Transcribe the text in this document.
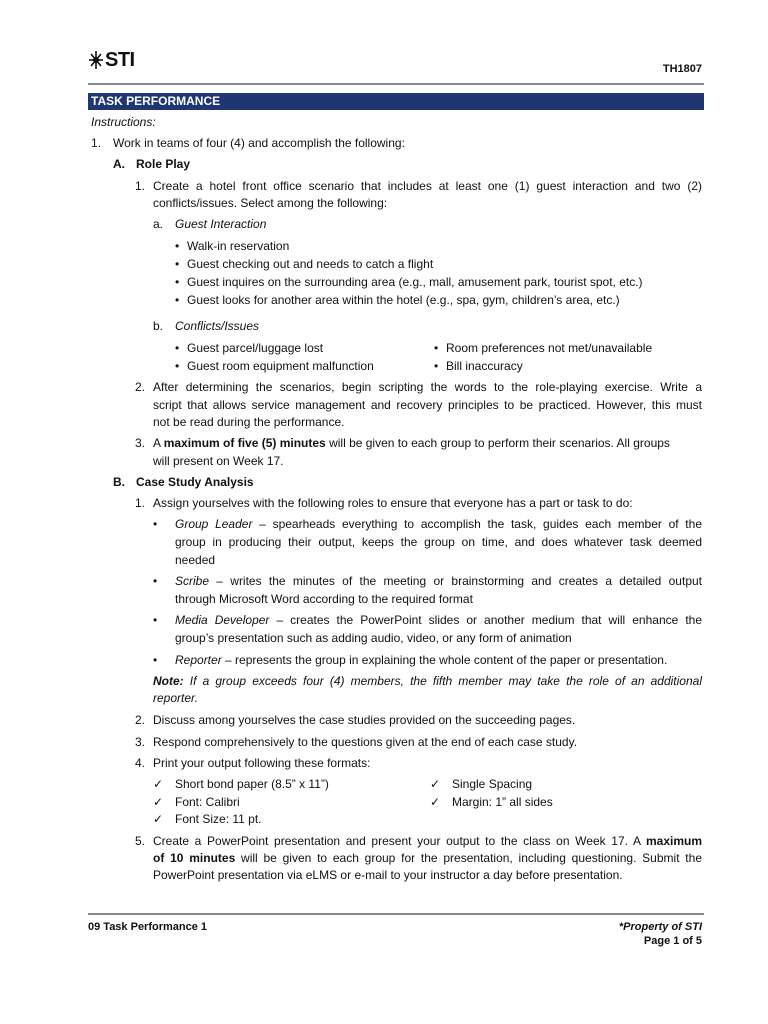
STI	TH1807
TASK PERFORMANCE
Instructions:
1. Work in teams of four (4) and accomplish the following:
A. Role Play
1. Create a hotel front office scenario that includes at least one (1) guest interaction and two (2)
conflicts/issues. Select among the following:
a. Guest Interaction
• Walk-in reservation
• Guest checking out and needs to catch a flight
• Guest inquires on the surrounding area (e.g., mall, amusement park, tourist spot, etc.)
• Guest looks for another area within the hotel (e.g., spa, gym, children’s area, etc.)
b. Conflicts/Issues
• Guest parcel/luggage lost	• Room preferences not met/unavailable
• Guest room equipment malfunction	• Bill inaccuracy
2. After determining the scenarios, begin scripting the words to the role-playing exercise. Write a
script that allows service management and recovery principles to be practiced. However, this must
not be read during the performance.
3. A maximum of five (5) minutes will be given to each group to perform their scenarios. All groups
will present on Week 17.
B. Case Study Analysis
1. Assign yourselves with the following roles to ensure that everyone has a part or task to do:
• Group Leader – spearheads everything to accomplish the task, guides each member of the
group in producing their output, keeps the group on time, and does whatever task deemed
needed
• Scribe – writes the minutes of the meeting or brainstorming and creates a detailed output
through Microsoft Word according to the required format
• Media Developer – creates the PowerPoint slides or another medium that will enhance the
group’s presentation such as adding audio, video, or any form of animation
• Reporter – represents the group in explaining the whole content of the paper or presentation.
Note: If a group exceeds four (4) members, the fifth member may take the role of an additional
reporter.
2. Discuss among yourselves the case studies provided on the succeeding pages.
3. Respond comprehensively to the questions given at the end of each case study.
4. Print your output following these formats:
✓ Short bond paper (8.5” x 11”)	✓ Single Spacing
✓ Font: Calibri	✓ Margin: 1” all sides
✓ Font Size: 11 pt.
5. Create a PowerPoint presentation and present your output to the class on Week 17. A maximum
of 10 minutes will be given to each group for the presentation, including questioning. Submit the
PowerPoint presentation via eLMS or e-mail to your instructor a day before presentation.
09 Task Performance 1	*Property of STI
Page 1 of 5
